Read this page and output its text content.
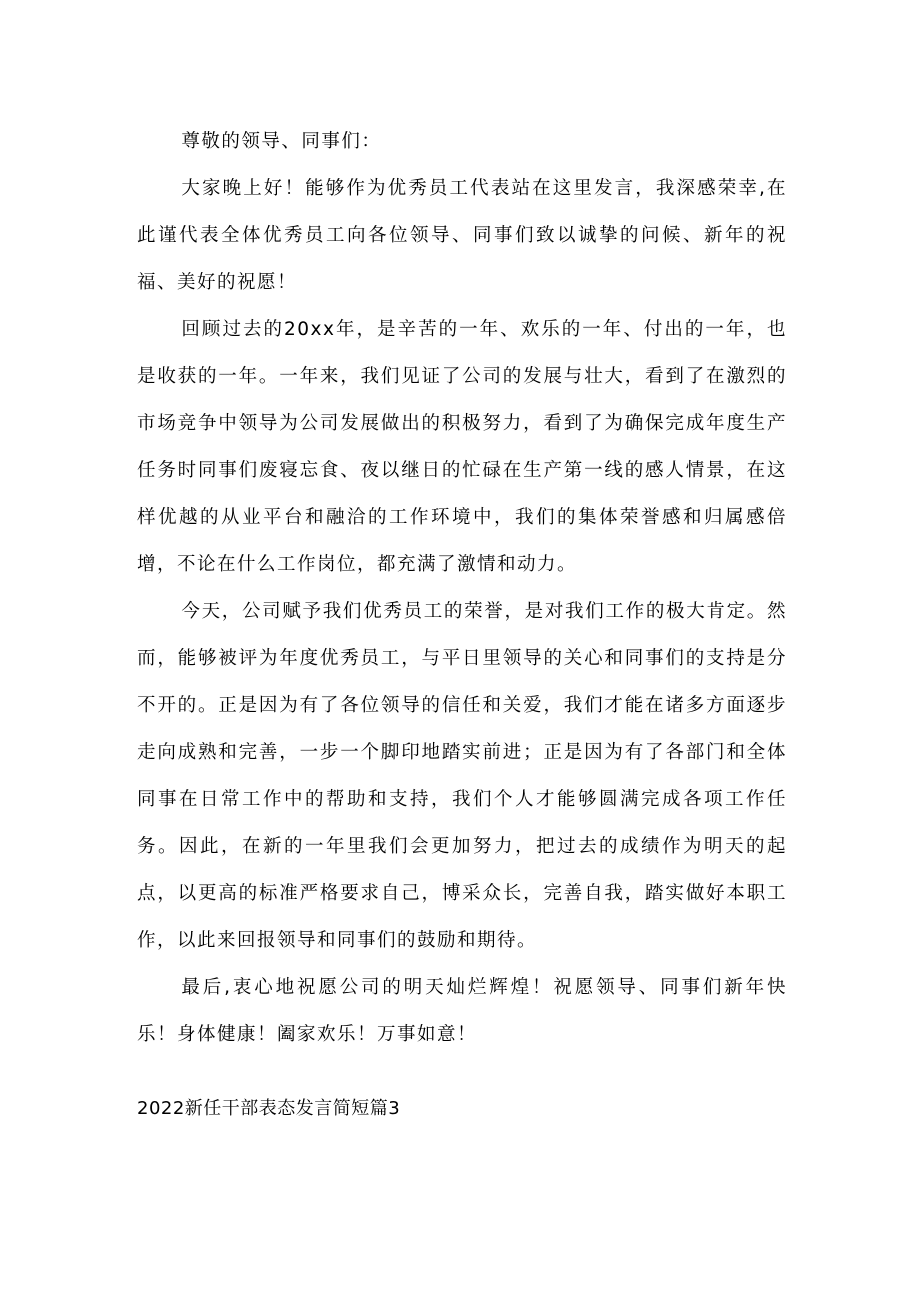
尊敬的领导、同事们：

大家晚上好！能够作为优秀员工代表站在这里发言，我深感荣幸,在此谨代表全体优秀员工向各位领导、同事们致以诚挚的问候、新年的祝福、美好的祝愿！

回顾过去的20xx年，是辛苦的一年、欢乐的一年、付出的一年，也是收获的一年。一年来，我们见证了公司的发展与壮大，看到了在激烈的市场竞争中领导为公司发展做出的积极努力，看到了为确保完成年度生产任务时同事们废寝忘食、夜以继日的忙碌在生产第一线的感人情景，在这样优越的从业平台和融洽的工作环境中，我们的集体荣誉感和归属感倍增，不论在什么工作岗位，都充满了激情和动力。

今天，公司赋予我们优秀员工的荣誉，是对我们工作的极大肯定。然而，能够被评为年度优秀员工，与平日里领导的关心和同事们的支持是分不开的。正是因为有了各位领导的信任和关爱，我们才能在诸多方面逐步走向成熟和完善，一步一个脚印地踏实前进；正是因为有了各部门和全体同事在日常工作中的帮助和支持，我们个人才能够圆满完成各项工作任务。因此，在新的一年里我们会更加努力，把过去的成绩作为明天的起点，以更高的标准严格要求自己，博采众长，完善自我，踏实做好本职工作，以此来回报领导和同事们的鼓励和期待。

最后,衷心地祝愿公司的明天灿烂辉煌！祝愿领导、同事们新年快乐！身体健康！阖家欢乐！万事如意！

2022新任干部表态发言简短篇3
